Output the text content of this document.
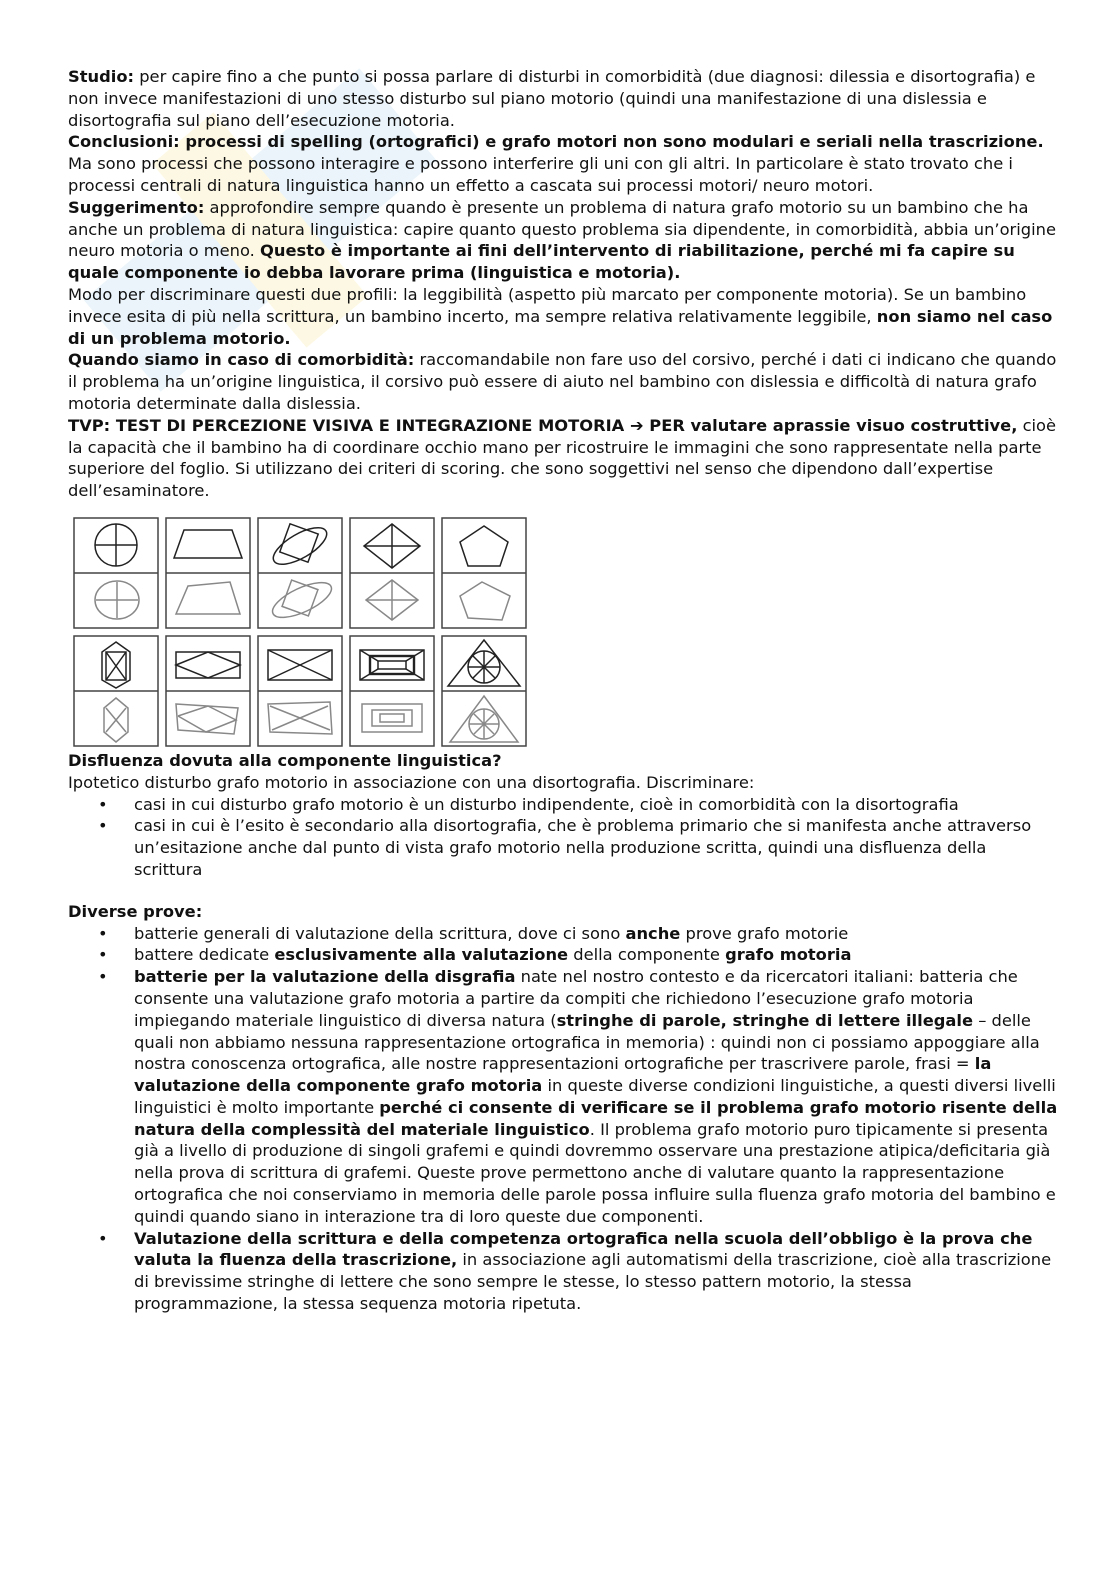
Studio: per capire fino a che punto si possa parlare di disturbi in comorbidità (due diagnosi: dilessia e disortografia) e non invece manifestazioni di uno stesso disturbo sul piano motorio (quindi una manifestazione di una dislessia e disortografia sul piano dell’esecuzione motoria.

Conclusioni: processi di spelling (ortografici) e grafo motori non sono modulari e seriali nella trascrizione. Ma sono processi che possono interagire e possono interferire gli uni con gli altri. In particolare è stato trovato che i processi centrali di natura linguistica hanno un effetto a cascata sui processi motori/ neuro motori.

Suggerimento: approfondire sempre quando è presente un problema di natura grafo motorio su un bambino che ha anche un problema di natura linguistica: capire quanto questo problema sia dipendente, in comorbidità, abbia un’origine neuro motoria o meno. Questo è importante ai fini dell’intervento di riabilitazione, perché mi fa capire su quale componente io debba lavorare prima (linguistica e motoria).

Modo per discriminare questi due profili: la leggibilità (aspetto più marcato per componente motoria). Se un bambino invece esita di più nella scrittura, un bambino incerto, ma sempre relativa relativamente leggibile, non siamo nel caso di un problema motorio.

Quando siamo in caso di comorbidità: raccomandabile non fare uso del corsivo, perché i dati ci indicano che quando il problema ha un’origine linguistica, il corsivo può essere di aiuto nel bambino con dislessia e difficoltà di natura grafo motoria determinate dalla dislessia.

TVP: TEST DI PERCEZIONE VISIVA E INTEGRAZIONE MOTORIA ➔ PER valutare aprassie visuo costruttive, cioè la capacità che il bambino ha di coordinare occhio mano per ricostruire le immagini che sono rappresentate nella parte superiore del foglio. Si utilizzano dei criteri di scoring. che sono soggettivi nel senso che dipendono dall’expertise dell’esaminatore.

Disfluenza dovuta alla componente linguistica?

Ipotetico disturbo grafo motorio in associazione con una disortografia. Discriminare:

• casi in cui disturbo grafo motorio è un disturbo indipendente, cioè in comorbidità con la disortografia
• casi in cui è l’esito è secondario alla disortografia, che è problema primario che si manifesta anche attraverso un’esitazione anche dal punto di vista grafo motorio nella produzione scritta, quindi una disfluenza della scrittura

Diverse prove:

• batterie generali di valutazione della scrittura, dove ci sono anche prove grafo motorie
• battere dedicate esclusivamente alla valutazione della componente grafo motoria
• batterie per la valutazione della disgrafia nate nel nostro contesto e da ricercatori italiani: batteria che consente una valutazione grafo motoria a partire da compiti che richiedono l’esecuzione grafo motoria impiegando materiale linguistico di diversa natura (stringhe di parole, stringhe di lettere illegale – delle quali non abbiamo nessuna rappresentazione ortografica in memoria) : quindi non ci possiamo appoggiare alla nostra conoscenza ortografica, alle nostre rappresentazioni ortografiche per trascrivere parole, frasi = la valutazione della componente grafo motoria in queste diverse condizioni linguistiche, a questi diversi livelli linguistici è molto importante perché ci consente di verificare se il problema grafo motorio risente della natura della complessità del materiale linguistico. Il problema grafo motorio puro tipicamente si presenta già a livello di produzione di singoli grafemi e quindi dovremmo osservare una prestazione atipica/deficitaria già nella prova di scrittura di grafemi. Queste prove permettono anche di valutare quanto la rappresentazione ortografica che noi conserviamo in memoria delle parole possa influire sulla fluenza grafo motoria del bambino e quindi quando siano in interazione tra di loro queste due componenti.
• Valutazione della scrittura e della competenza ortografica nella scuola dell’obbligo è la prova che valuta la fluenza della trascrizione, in associazione agli automatismi della trascrizione, cioè alla trascrizione di brevissime stringhe di lettere che sono sempre le stesse, lo stesso pattern motorio, la stessa programmazione, la stessa sequenza motoria ripetuta.
